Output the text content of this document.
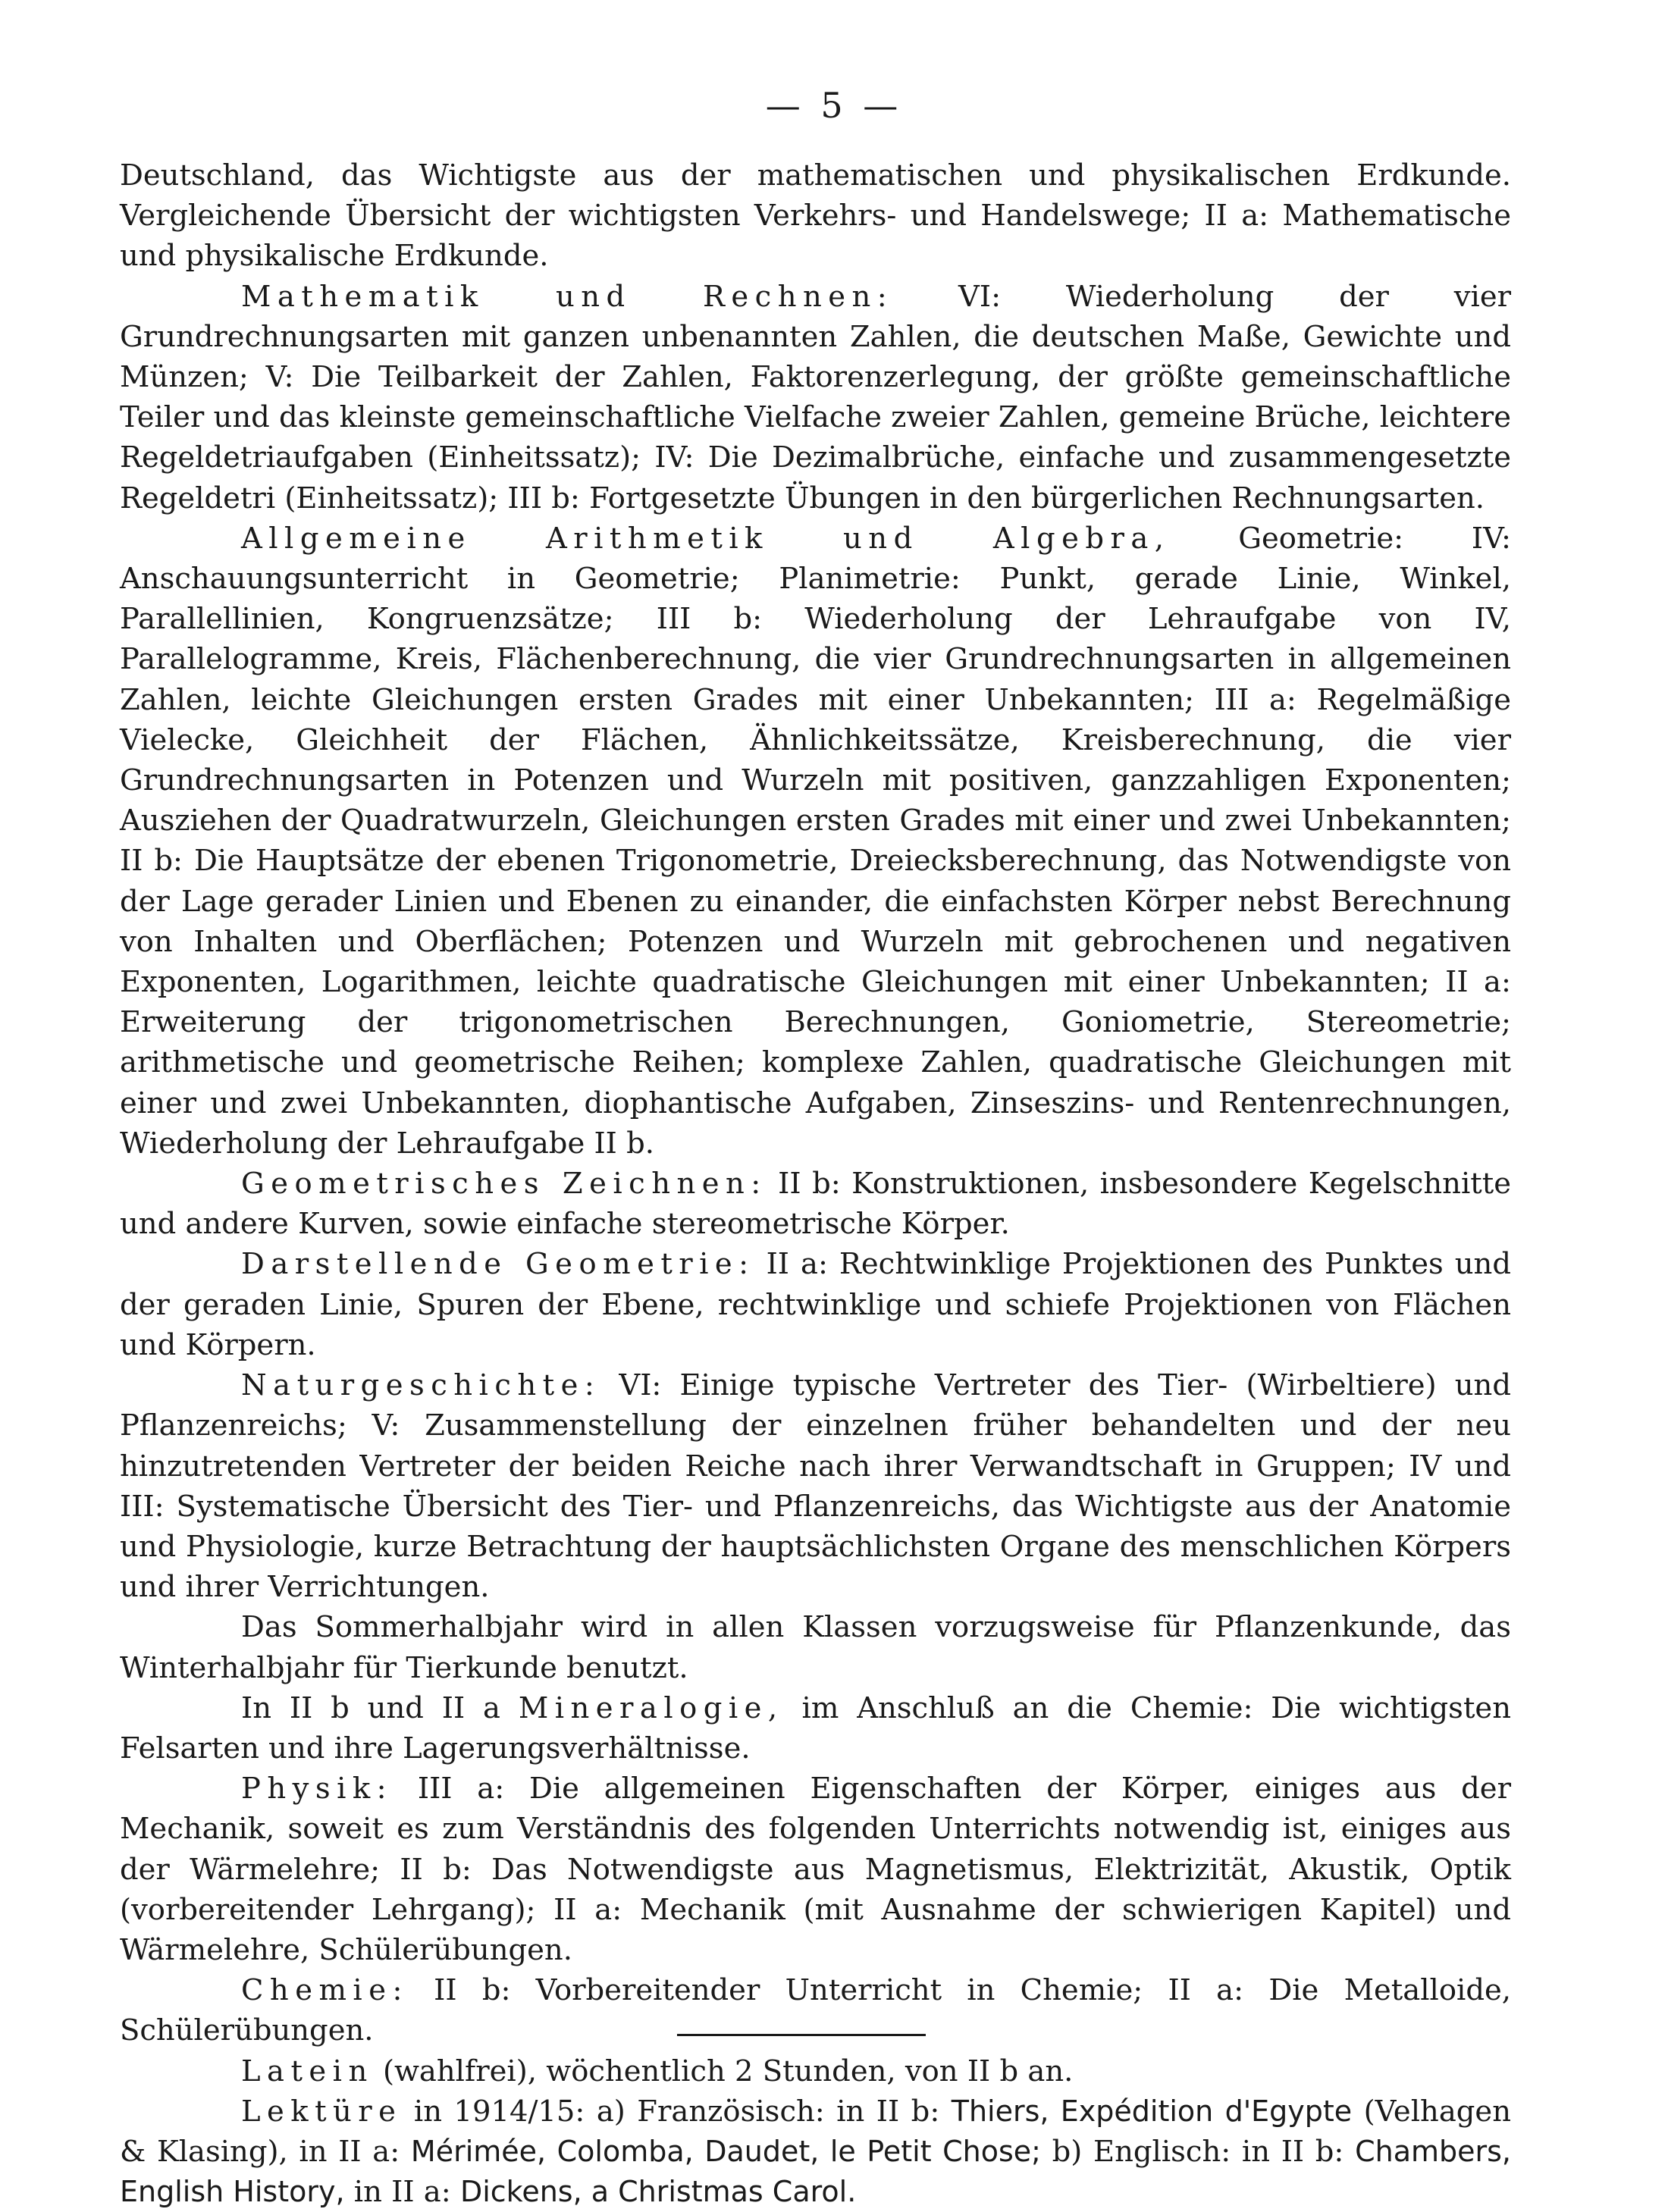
— 5 —

Deutschland, das Wichtigste aus der mathematischen und physikalischen Erdkunde. Vergleichende Übersicht der wichtigsten Verkehrs- und Handelswege; II a: Mathematische und physikalische Erdkunde.

Mathematik und Rechnen: VI: Wiederholung der vier Grundrechnungsarten mit ganzen unbenannten Zahlen, die deutschen Maße, Gewichte und Münzen; V: Die Teilbarkeit der Zahlen, Faktorenzerlegung, der größte gemeinschaftliche Teiler und das kleinste gemeinschaftliche Vielfache zweier Zahlen, gemeine Brüche, leichtere Regeldetriaufgaben (Einheitssatz); IV: Die Dezimalbrüche, einfache und zusammengesetzte Regeldetri (Einheitssatz); III b: Fortgesetzte Übungen in den bürgerlichen Rechnungsarten.

Allgemeine Arithmetik und Algebra, Geometrie: IV: Anschauungsunterricht in Geometrie; Planimetrie: Punkt, gerade Linie, Winkel, Parallellinien, Kongruenzsätze; III b: Wiederholung der Lehraufgabe von IV, Parallelogramme, Kreis, Flächenberechnung, die vier Grundrechnungsarten in allgemeinen Zahlen, leichte Gleichungen ersten Grades mit einer Unbekannten; III a: Regelmäßige Vielecke, Gleichheit der Flächen, Ähnlichkeitssätze, Kreisberechnung, die vier Grundrechnungsarten in Potenzen und Wurzeln mit positiven, ganzzahligen Exponenten; Ausziehen der Quadratwurzeln, Gleichungen ersten Grades mit einer und zwei Unbekannten; II b: Die Hauptsätze der ebenen Trigonometrie, Dreiecksberechnung, das Notwendigste von der Lage gerader Linien und Ebenen zu einander, die einfachsten Körper nebst Berechnung von Inhalten und Oberflächen; Potenzen und Wurzeln mit gebrochenen und negativen Exponenten, Logarithmen, leichte quadratische Gleichungen mit einer Unbekannten; II a: Erweiterung der trigonometrischen Berechnungen, Goniometrie, Stereometrie; arithmetische und geometrische Reihen; komplexe Zahlen, quadratische Gleichungen mit einer und zwei Unbekannten, diophantische Aufgaben, Zinseszins- und Rentenrechnungen, Wiederholung der Lehraufgabe II b.

Geometrisches Zeichnen: II b: Konstruktionen, insbesondere Kegelschnitte und andere Kurven, sowie einfache stereometrische Körper.

Darstellende Geometrie: II a: Rechtwinklige Projektionen des Punktes und der geraden Linie, Spuren der Ebene, rechtwinklige und schiefe Projektionen von Flächen und Körpern.

Naturgeschichte: VI: Einige typische Vertreter des Tier- (Wirbeltiere) und Pflanzenreichs; V: Zusammenstellung der einzelnen früher behandelten und der neu hinzutretenden Vertreter der beiden Reiche nach ihrer Verwandtschaft in Gruppen; IV und III: Systematische Übersicht des Tier- und Pflanzenreichs, das Wichtigste aus der Anatomie und Physiologie, kurze Betrachtung der hauptsächlichsten Organe des menschlichen Körpers und ihrer Verrichtungen.

Das Sommerhalbjahr wird in allen Klassen vorzugsweise für Pflanzenkunde, das Winterhalbjahr für Tierkunde benutzt.

In II b und II a Mineralogie, im Anschluß an die Chemie: Die wichtigsten Felsarten und ihre Lagerungsverhältnisse.

Physik: III a: Die allgemeinen Eigenschaften der Körper, einiges aus der Mechanik, soweit es zum Verständnis des folgenden Unterrichts notwendig ist, einiges aus der Wärmelehre; II b: Das Notwendigste aus Magnetismus, Elektrizität, Akustik, Optik (vorbereitender Lehrgang); II a: Mechanik (mit Ausnahme der schwierigen Kapitel) und Wärmelehre, Schülerübungen.

Chemie: II b: Vorbereitender Unterricht in Chemie; II a: Die Metalloide, Schülerübungen.

Latein (wahlfrei), wöchentlich 2 Stunden, von II b an.

Lektüre in 1914/15: a) Französisch: in II b: Thiers, Expédition d'Egypte (Velhagen & Klasing), in II a: Mérimée, Colomba, Daudet, le Petit Chose; b) Englisch: in II b: Chambers, English History, in II a: Dickens, a Christmas Carol.
